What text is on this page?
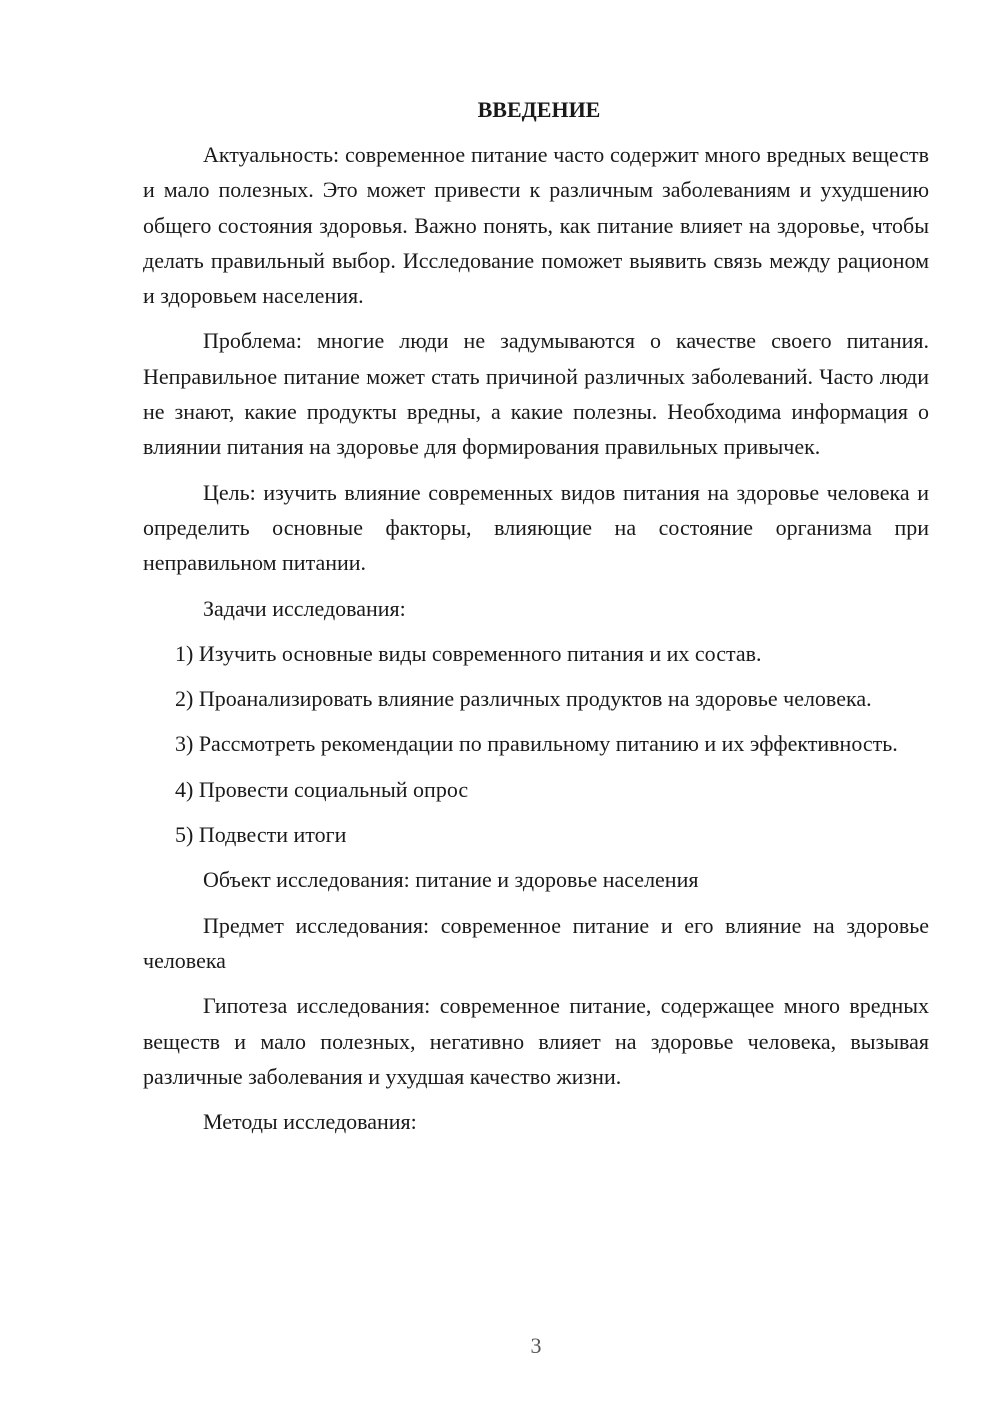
ВВЕДЕНИЕ

Актуальность: современное питание часто содержит много вредных веществ и мало полезных. Это может привести к различным заболеваниям и ухудшению общего состояния здоровья. Важно понять, как питание влияет на здоровье, чтобы делать правильный выбор. Исследование поможет выявить связь между рационом и здоровьем населения.

Проблема: многие люди не задумываются о качестве своего питания. Неправильное питание может стать причиной различных заболеваний. Часто люди не знают, какие продукты вредны, а какие полезны. Необходима информация о влиянии питания на здоровье для формирования правильных привычек.

Цель: изучить влияние современных видов питания на здоровье человека и определить основные факторы, влияющие на состояние организма при неправильном питании.

Задачи исследования:

1) Изучить основные виды современного питания и их состав.

2) Проанализировать влияние различных продуктов на здоровье человека.

3) Рассмотреть рекомендации по правильному питанию и их эффективность.

4) Провести социальный опрос

5) Подвести итоги

Объект исследования: питание и здоровье населения

Предмет исследования: современное питание и его влияние на здоровье человека

Гипотеза исследования: современное питание, содержащее много вредных веществ и мало полезных, негативно влияет на здоровье человека, вызывая различные заболевания и ухудшая качество жизни.

Методы исследования:

3
